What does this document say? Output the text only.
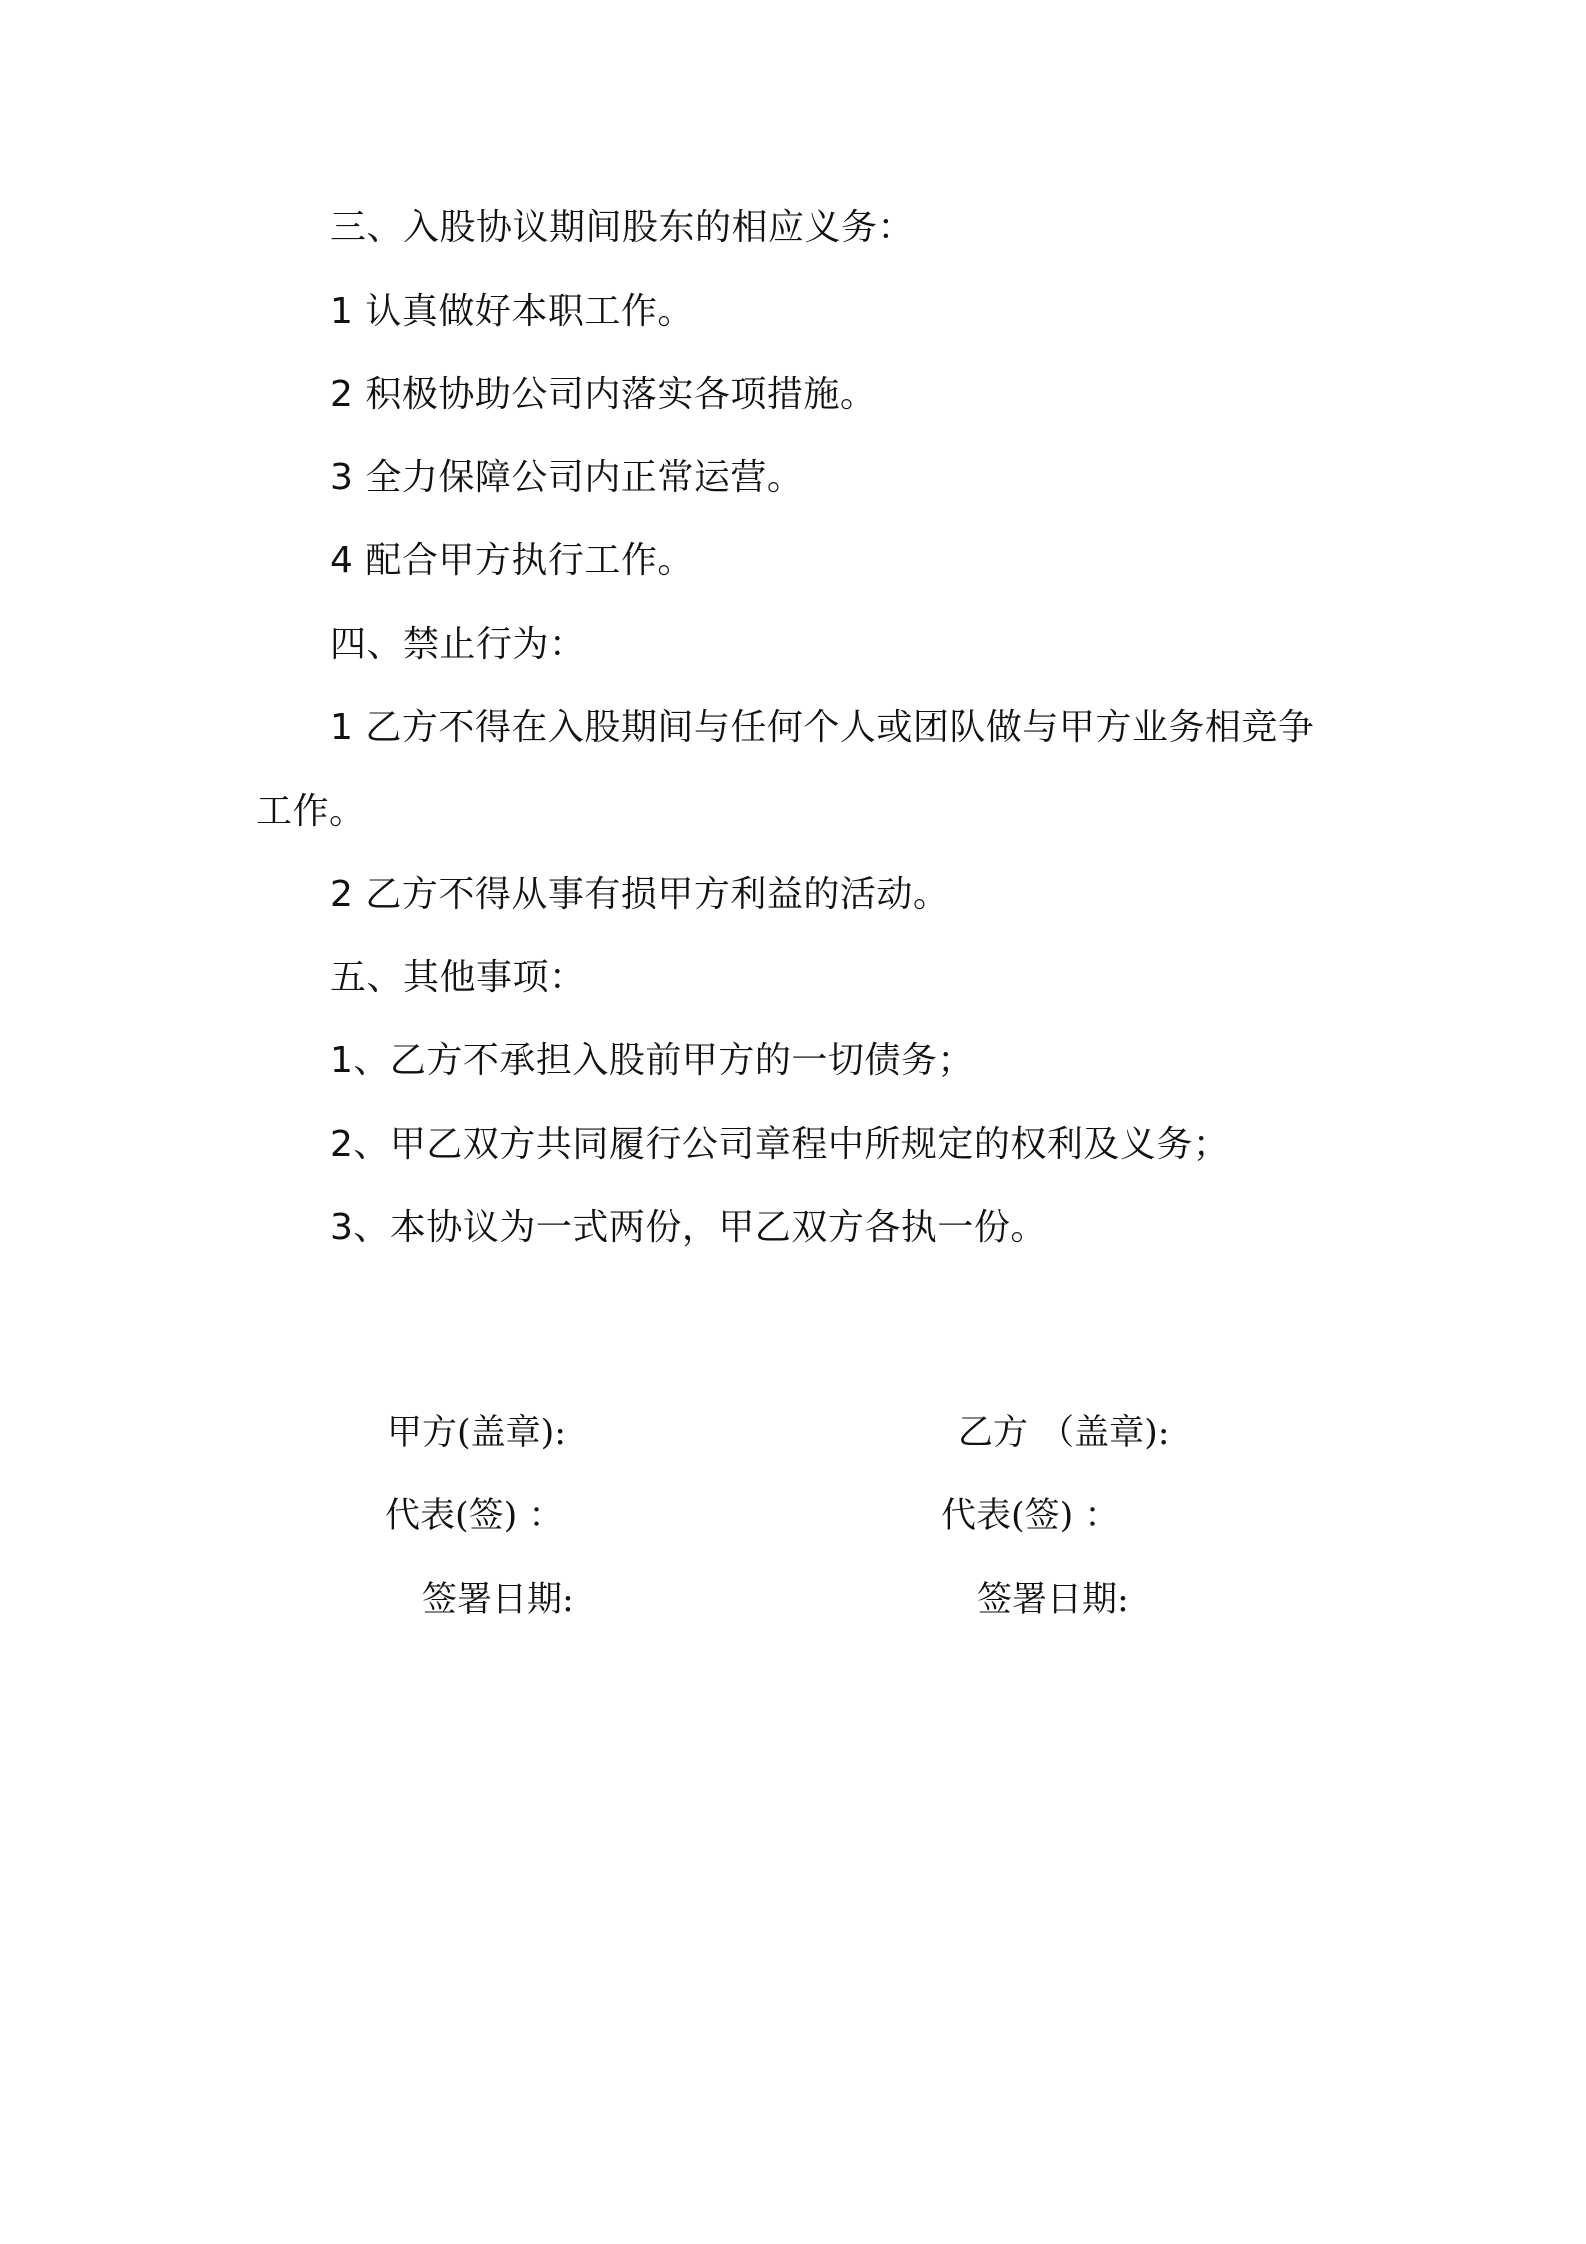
三、入股协议期间股东的相应义务：
1 认真做好本职工作。
2 积极协助公司内落实各项措施。
3 全力保障公司内正常运营。
4 配合甲方执行工作。
四、禁止行为：
1 乙方不得在入股期间与任何个人或团队做与甲方业务相竞争
工作。
2 乙方不得从事有损甲方利益的活动。
五、其他事项：
1、乙方不承担入股前甲方的一切债务；
2、甲乙双方共同履行公司章程中所规定的权利及义务；
3、本协议为一式两份，甲乙双方各执一份。
甲方(盖章):	乙方 （盖章):
代表(签) ：	代表(签) ：
签署日期:	签署日期:
